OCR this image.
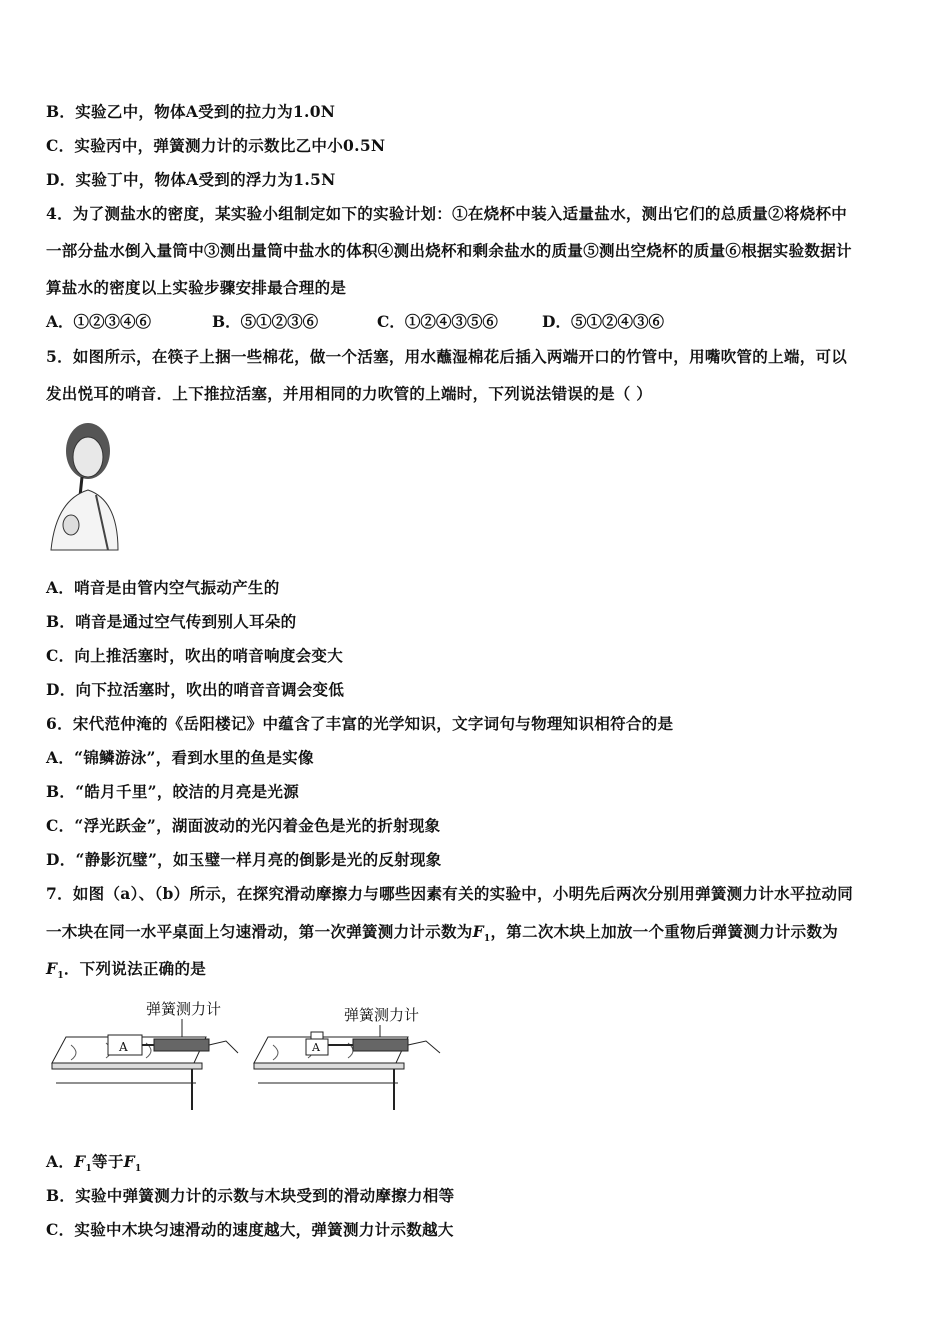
B．实验乙中，物体A受到的拉力为1.0N
C．实验丙中，弹簧测力计的示数比乙中小0.5N
D．实验丁中，物体A受到的浮力为1.5N
4．为了测盐水的密度，某实验小组制定如下的实验计划：①在烧杯中装入适量盐水，测出它们的总质量②将烧杯中
一部分盐水倒入量筒中③测出量筒中盐水的体积④测出烧杯和剩余盐水的质量⑤测出空烧杯的质量⑥根据实验数据计
算盐水的密度以上实验步骤安排最合理的是
A．①②③④⑥	B．⑤①②③⑥	C．①②④③⑤⑥	D．⑤①②④③⑥
5．如图所示，在筷子上捆一些棉花，做一个活塞，用水蘸湿棉花后插入两端开口的竹管中，用嘴吹管的上端，可以
发出悦耳的哨音．上下推拉活塞，并用相同的力吹管的上端时，下列说法错误的是（ ）
A．哨音是由管内空气振动产生的
B．哨音是通过空气传到别人耳朵的
C．向上推活塞时，吹出的哨音响度会变大
D．向下拉活塞时，吹出的哨音音调会变低
6．宋代范仲淹的《岳阳楼记》中蕴含了丰富的光学知识，文字词句与物理知识相符合的是
A．“锦鳞游泳”，看到水里的鱼是实像
B．“皓月千里”，皎洁的月亮是光源
C．“浮光跃金”，湖面波动的光闪着金色是光的折射现象
D．“静影沉璧”，如玉璧一样月亮的倒影是光的反射现象
7．如图（a）、（b）所示，在探究滑动摩擦力与哪些因素有关的实验中，小明先后两次分别用弹簧测力计水平拉动同
一木块在同一水平桌面上匀速滑动，第一次弹簧测力计示数为$F_1$，第二次木块上加放一个重物后弹簧测力计示数为
$F_1$．下列说法正确的是
弹簧测力计
A
弹簧测力计
A
A．$F_1$等于$F_1$
B．实验中弹簧测力计的示数与木块受到的滑动摩擦力相等
C．实验中木块匀速滑动的速度越大，弹簧测力计示数越大
